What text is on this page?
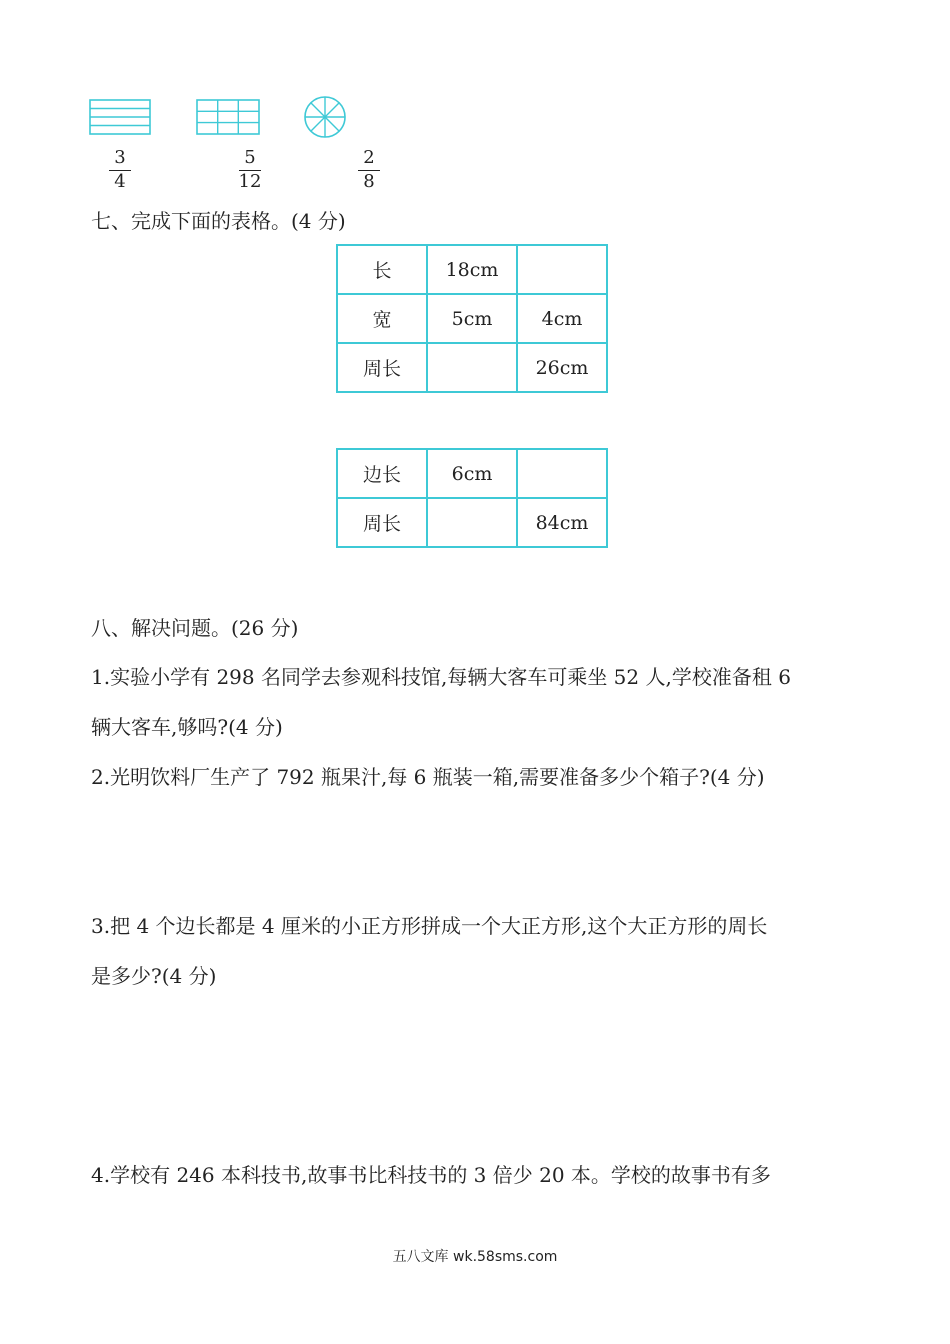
3
4
5
12
2
8
七、完成下面的表格。(4 分)
长	18cm	
宽	5cm	4cm
周长		26cm
边长	6cm	
周长		84cm
八、解决问题。(26 分)
1.实验小学有 298 名同学去参观科技馆,每辆大客车可乘坐 52 人,学校准备租 6
辆大客车,够吗?(4 分)
2.光明饮料厂生产了 792 瓶果汁,每 6 瓶装一箱,需要准备多少个箱子?(4 分)
3.把 4 个边长都是 4 厘米的小正方形拼成一个大正方形,这个大正方形的周长
是多少?(4 分)
4.学校有 246 本科技书,故事书比科技书的 3 倍少 20 本。学校的故事书有多
五八文库 wk.58sms.com
